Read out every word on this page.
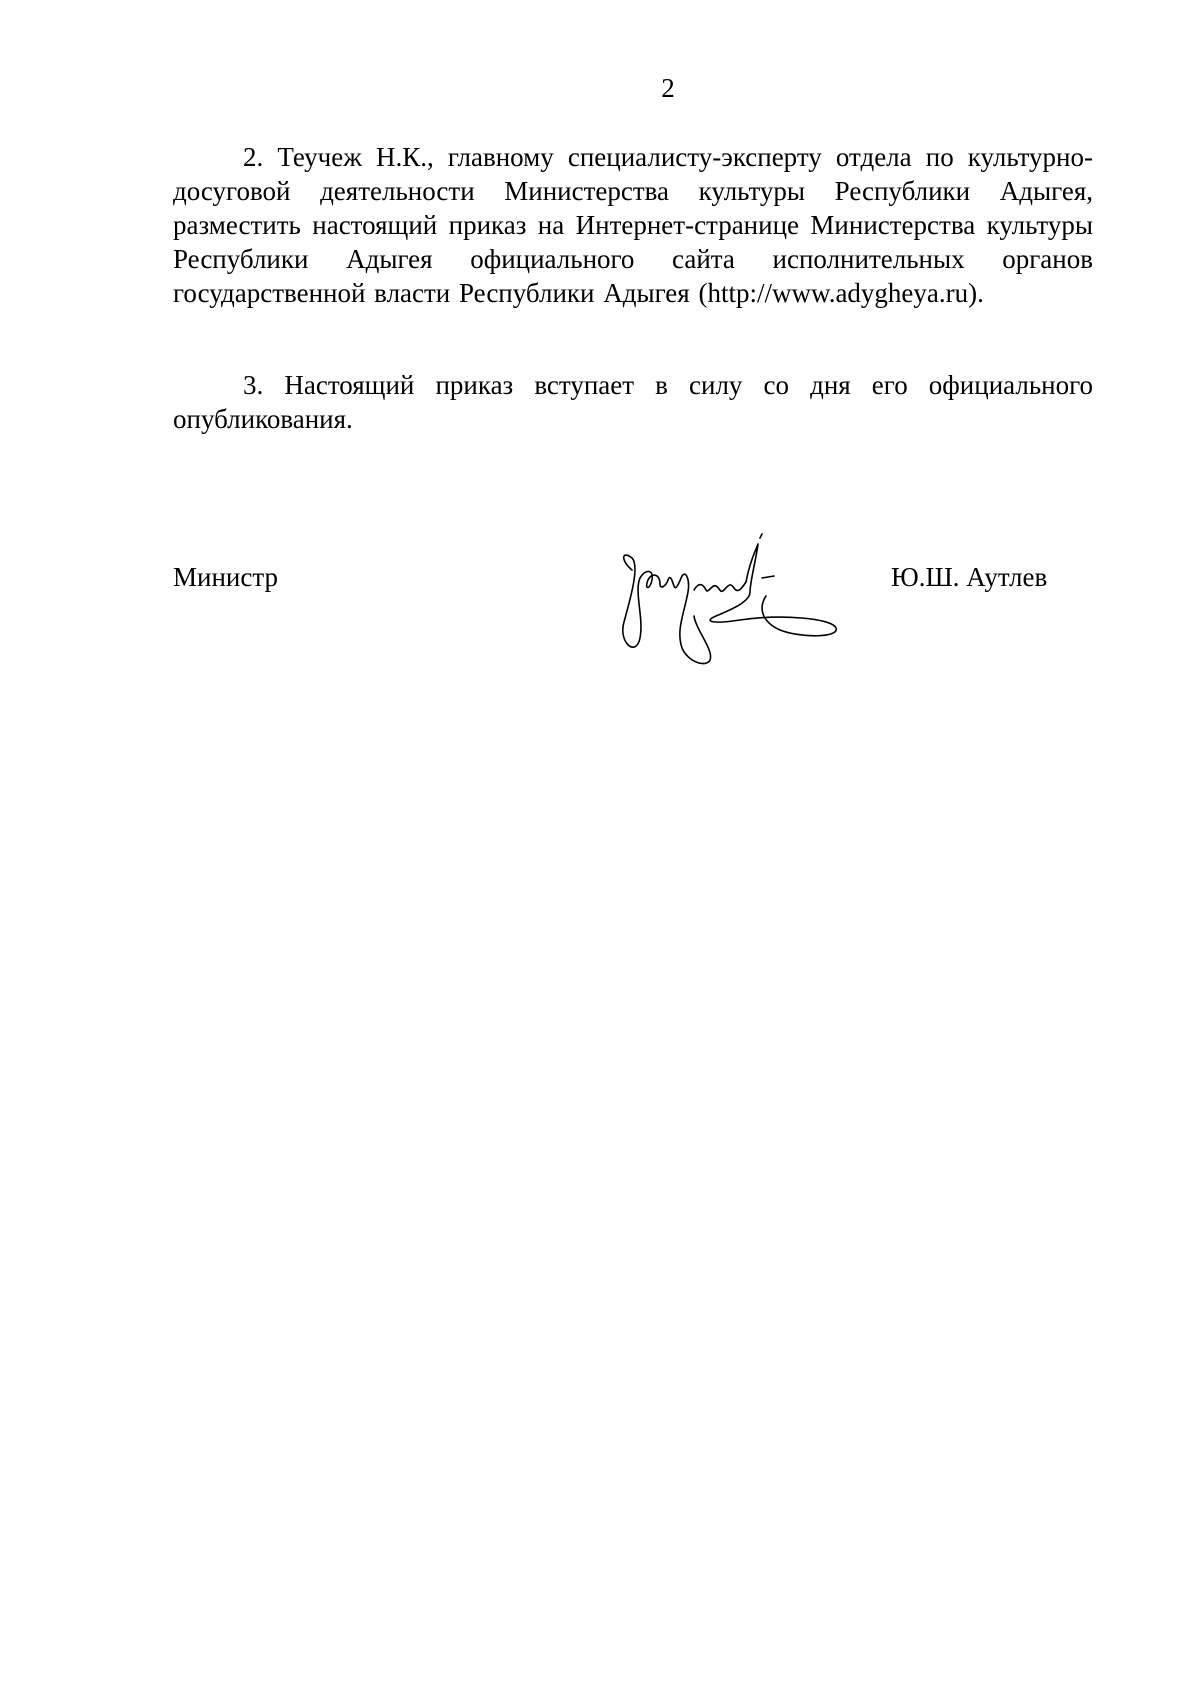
2

2. Теучеж Н.К., главному специалисту-эксперту отдела по культурно-досуговой деятельности Министерства культуры Республики Адыгея, разместить настоящий приказ на Интернет-странице Министерства культуры Республики Адыгея официального сайта исполнительных органов государственной власти Республики Адыгея (http://www.adygheya.ru).

3. Настоящий приказ вступает в силу со дня его официального опубликования.

Министр	Ю.Ш. Аутлев
